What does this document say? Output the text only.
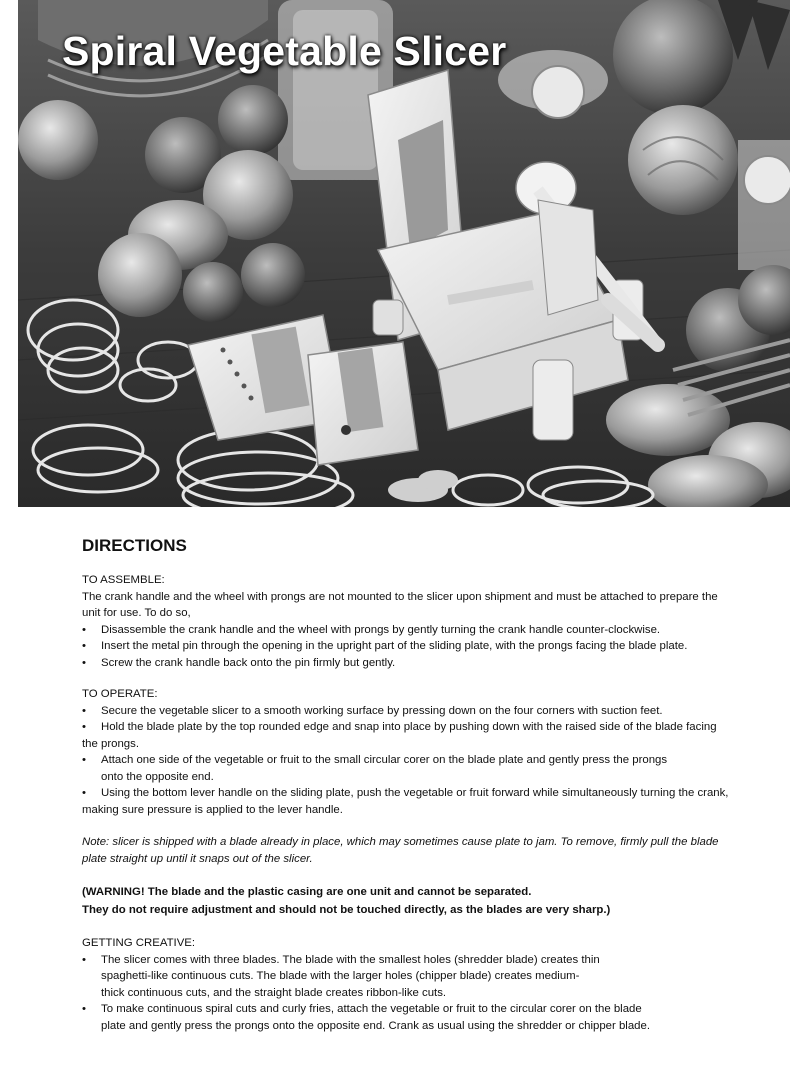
Spiral Vegetable Slicer
DIRECTIONS

TO ASSEMBLE:

The crank handle and the wheel with prongs are not mounted to the slicer upon shipment and must be attached to prepare the unit for use. To do so,

• Disassemble the crank handle and the wheel with prongs by gently turning the crank handle counter-clockwise.
• Insert the metal pin through the opening in the upright part of the sliding plate, with the prongs facing the blade plate.
• Screw the crank handle back onto the pin firmly but gently.

TO OPERATE:

• Secure the vegetable slicer to a smooth working surface by pressing down on the four corners with suction feet.
• Hold the blade plate by the top rounded edge and snap into place by pushing down with the raised side of the blade facing the prongs.
• Attach one side of the vegetable or fruit to the small circular corer on the blade plate and gently press the prongs onto the opposite end.
• Using the bottom lever handle on the sliding plate, push the vegetable or fruit forward while simultaneously turning the crank, making sure pressure is applied to the lever handle.

Note: slicer is shipped with a blade already in place, which may sometimes cause plate to jam. To remove, firmly pull the blade plate straight up until it snaps out of the slicer.

(WARNING! The blade and the plastic casing are one unit and cannot be separated.

They do not require adjustment and should not be touched directly, as the blades are very sharp.)

GETTING CREATIVE:

• The slicer comes with three blades. The blade with the smallest holes (shredder blade) creates thin spaghetti-like continuous cuts. The blade with the larger holes (chipper blade) creates medium-thick continuous cuts, and the straight blade creates ribbon-like cuts.
• To make continuous spiral cuts and curly fries, attach the vegetable or fruit to the circular corer on the blade plate and gently press the prongs onto the opposite end. Crank as usual using the shredder or chipper blade.
